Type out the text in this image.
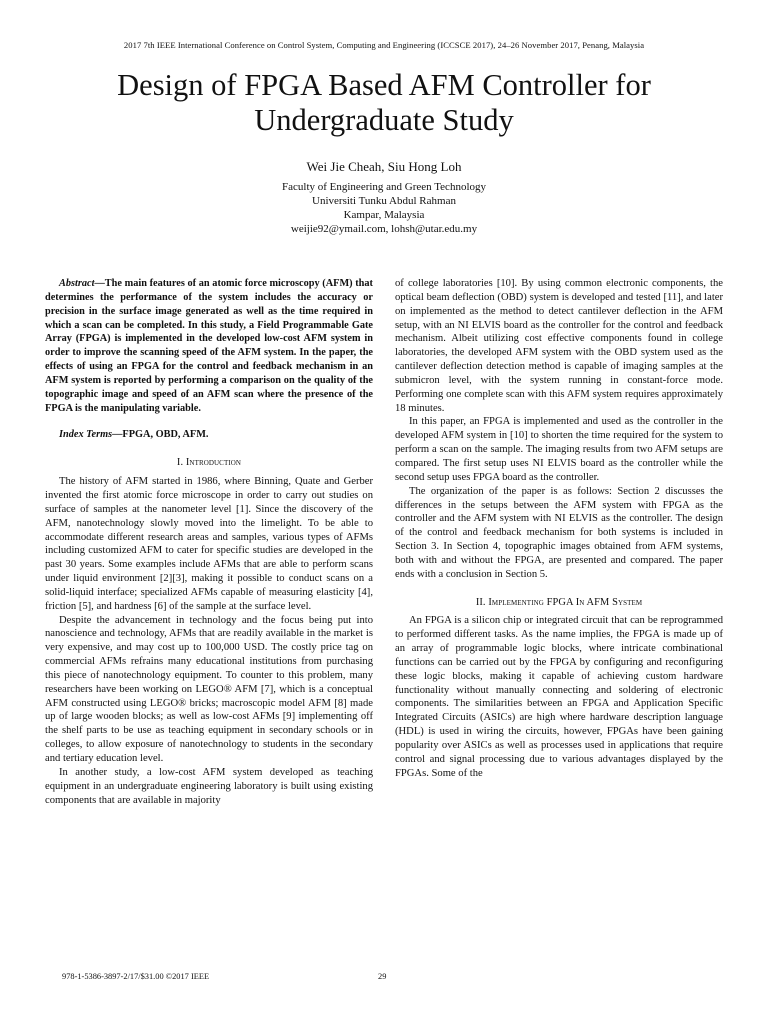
2017 7th IEEE International Conference on Control System, Computing and Engineering (ICCSCE 2017), 24–26 November 2017, Penang, Malaysia
Design of FPGA Based AFM Controller for
Undergraduate Study
Wei Jie Cheah, Siu Hong Loh
Faculty of Engineering and Green Technology
Universiti Tunku Abdul Rahman
Kampar, Malaysia
weijie92@ymail.com, lohsh@utar.edu.my

Abstract—The main features of an atomic force microscopy (AFM) that determines the performance of the system includes the accuracy or precision in the surface image generated as well as the time required in which a scan can be completed. In this study, a Field Programmable Gate Array (FPGA) is implemented in the developed low-cost AFM system in order to improve the scanning speed of the AFM system. In the paper, the effects of using an FPGA for the control and feedback mechanism in an AFM system is reported by performing a comparison on the quality of the topographic image and speed of an AFM scan where the presence of the FPGA is the manipulating variable.

Index Terms—FPGA, OBD, AFM.

I. Introduction

The history of AFM started in 1986, where Binning, Quate and Gerber invented the first atomic force microscope in order to carry out studies on surface of samples at the nanometer level [1]. Since the discovery of the AFM, nanotechnology slowly moved into the limelight. To be able to accommodate different research areas and samples, various types of AFMs including customized AFM to cater for specific studies are developed in the past 30 years. Some examples include AFMs that are able to perform scans under liquid environment [2][3], making it possible to conduct scans on a solid-liquid interface; specialized AFMs capable of measuring elasticity [4], friction [5], and hardness [6] of the sample at the surface level.

Despite the advancement in technology and the focus being put into nanoscience and technology, AFMs that are readily available in the market is very expensive, and may cost up to 100,000 USD. The costly price tag on commercial AFMs refrains many educational institutions from purchasing this piece of nanotechnology equipment. To counter to this problem, many researchers have been working on LEGO® AFM [7], which is a conceptual AFM constructed using LEGO® bricks; macroscopic model AFM [8] made up of large wooden blocks; as well as low-cost AFMs [9] implementing off the shelf parts to be use as teaching equipment in secondary schools or in colleges, to allow exposure of nanotechnology to students in the secondary and tertiary education level.

In another study, a low-cost AFM system developed as teaching equipment in an undergraduate engineering laboratory is built using existing components that are available in majority

of college laboratories [10]. By using common electronic components, the optical beam deflection (OBD) system is developed and tested [11], and later on implemented as the method to detect cantilever deflection in the AFM setup, with an NI ELVIS board as the controller for the control and feedback mechanism. Albeit utilizing cost effective components found in college laboratories, the developed AFM system with the OBD system used as the cantilever deflection detection method is capable of imaging samples at the submicron level, with the system running in constant-force mode. Performing one complete scan with this AFM system requires approximately 18 minutes.

In this paper, an FPGA is implemented and used as the controller in the developed AFM system in [10] to shorten the time required for the system to perform a scan on the sample. The imaging results from two AFM setups are compared. The first setup uses NI ELVIS board as the controller while the second setup uses FPGA board as the controller.

The organization of the paper is as follows: Section 2 discusses the differences in the setups between the AFM system with FPGA as the controller and the AFM system with NI ELVIS as the controller. The design of the control and feedback mechanism for both systems is included in Section 3. In Section 4, topographic images obtained from AFM systems, both with and without the FPGA, are presented and compared. The paper ends with a conclusion in Section 5.

II. Implementing FPGA In AFM System

An FPGA is a silicon chip or integrated circuit that can be reprogrammed to performed different tasks. As the name implies, the FPGA is made up of an array of programmable logic blocks, where intricate combinational functions can be carried out by the FPGA by configuring and reconfiguring these logic blocks, making it capable of achieving custom hardware functionality without manually connecting and soldering of electronic components. The similarities between an FPGA and Application Specific Integrated Circuits (ASICs) are high where hardware description language (HDL) is used in wiring the circuits, however, FPGAs have been gaining popularity over ASICs as well as processes used in applications that require control and signal processing due to various advantages displayed by the FPGAs. Some of the

978-1-5386-3897-2/17/$31.00 ©2017 IEEE	29
